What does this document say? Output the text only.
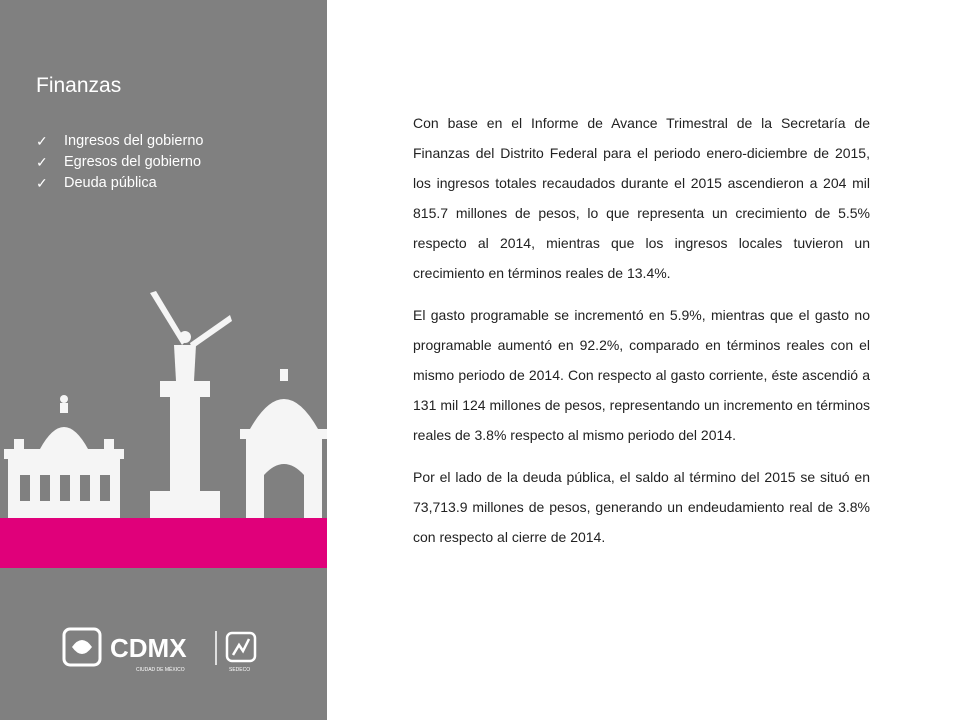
Finanzas
✓	Ingresos del gobierno
✓	Egresos del gobierno
✓	Deuda pública
CDMX
CIUDAD DE MÉXICO	SEDECO

Con base en el Informe de Avance Trimestral de la Secretaría de Finanzas del Distrito Federal para el periodo enero-diciembre de 2015, los ingresos totales recaudados durante el 2015 ascendieron a 204 mil 815.7 millones de pesos, lo que representa un crecimiento de 5.5% respecto al 2014, mientras que los ingresos locales tuvieron un crecimiento en términos reales de 13.4%.

El gasto programable se incrementó en 5.9%, mientras que el gasto no programable aumentó en 92.2%, comparado en términos reales con el mismo periodo de 2014. Con respecto al gasto corriente, éste ascendió a 131 mil 124 millones de pesos, representando un incremento en términos reales de 3.8% respecto al mismo periodo del 2014.

Por el lado de la deuda pública, el saldo al término del 2015 se situó en 73,713.9 millones de pesos, generando un endeudamiento real de 3.8% con respecto al cierre de 2014.
